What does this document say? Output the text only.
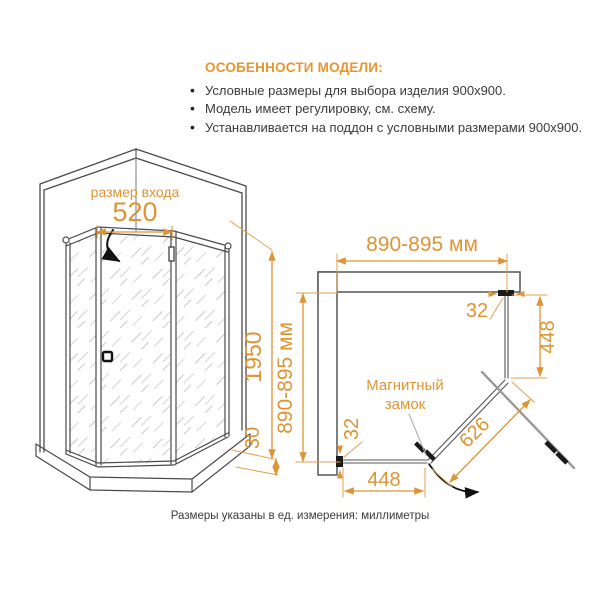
ОСОБЕННОСТИ МОДЕЛИ:
• Условные размеры для выбора изделия 900x900.
• Модель имеет регулировку, см. схему.
• Устанавливается на поддон с условными размерами 900x900.
размер входа
520
1950
30
890-895 мм
890-895 мм
32
448
32
448
626
Магнитный
замок
Размеры указаны в ед. измерения: миллиметры
